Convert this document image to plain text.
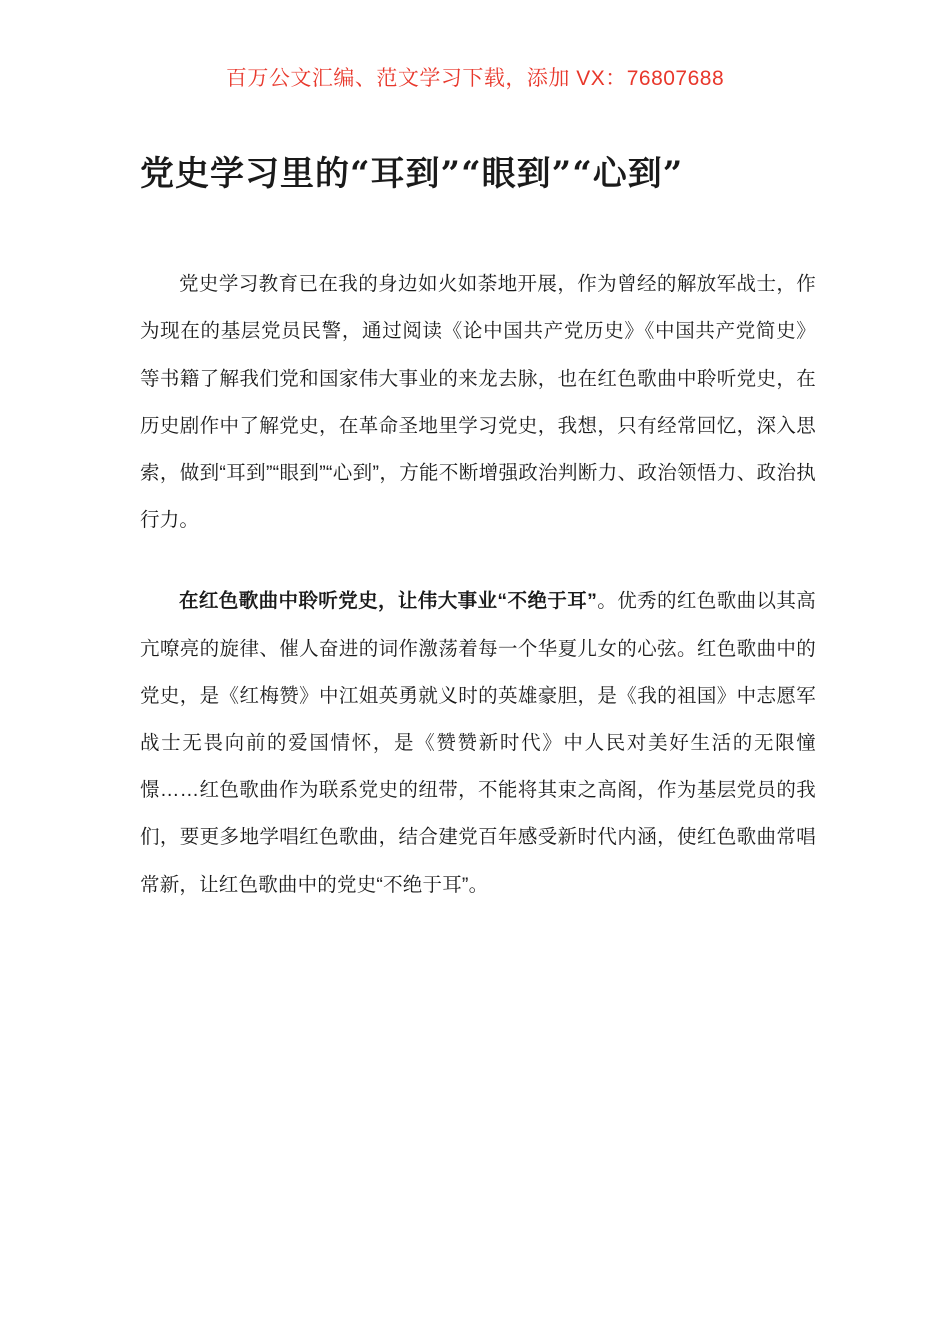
百万公文汇编、范文学习下载，添加 VX：76807688
党史学习里的“耳到”“眼到”“心到”

党史学习教育已在我的身边如火如荼地开展，作为曾经的解放军战士，作为现在的基层党员民警，通过阅读《论中国共产党历史》《中国共产党简史》等书籍了解我们党和国家伟大事业的来龙去脉，也在红色歌曲中聆听党史，在历史剧作中了解党史，在革命圣地里学习党史，我想，只有经常回忆，深入思索，做到“耳到”“眼到”“心到”，方能不断增强政治判断力、政治领悟力、政治执行力。

在红色歌曲中聆听党史，让伟大事业“不绝于耳”。优秀的红色歌曲以其高亢嘹亮的旋律、催人奋进的词作激荡着每一个华夏儿女的心弦。红色歌曲中的党史，是《红梅赞》中江姐英勇就义时的英雄豪胆，是《我的祖国》中志愿军战士无畏向前的爱国情怀，是《赞赞新时代》中人民对美好生活的无限憧憬……红色歌曲作为联系党史的纽带，不能将其束之高阁，作为基层党员的我们，要更多地学唱红色歌曲，结合建党百年感受新时代内涵，使红色歌曲常唱常新，让红色歌曲中的党史“不绝于耳”。
